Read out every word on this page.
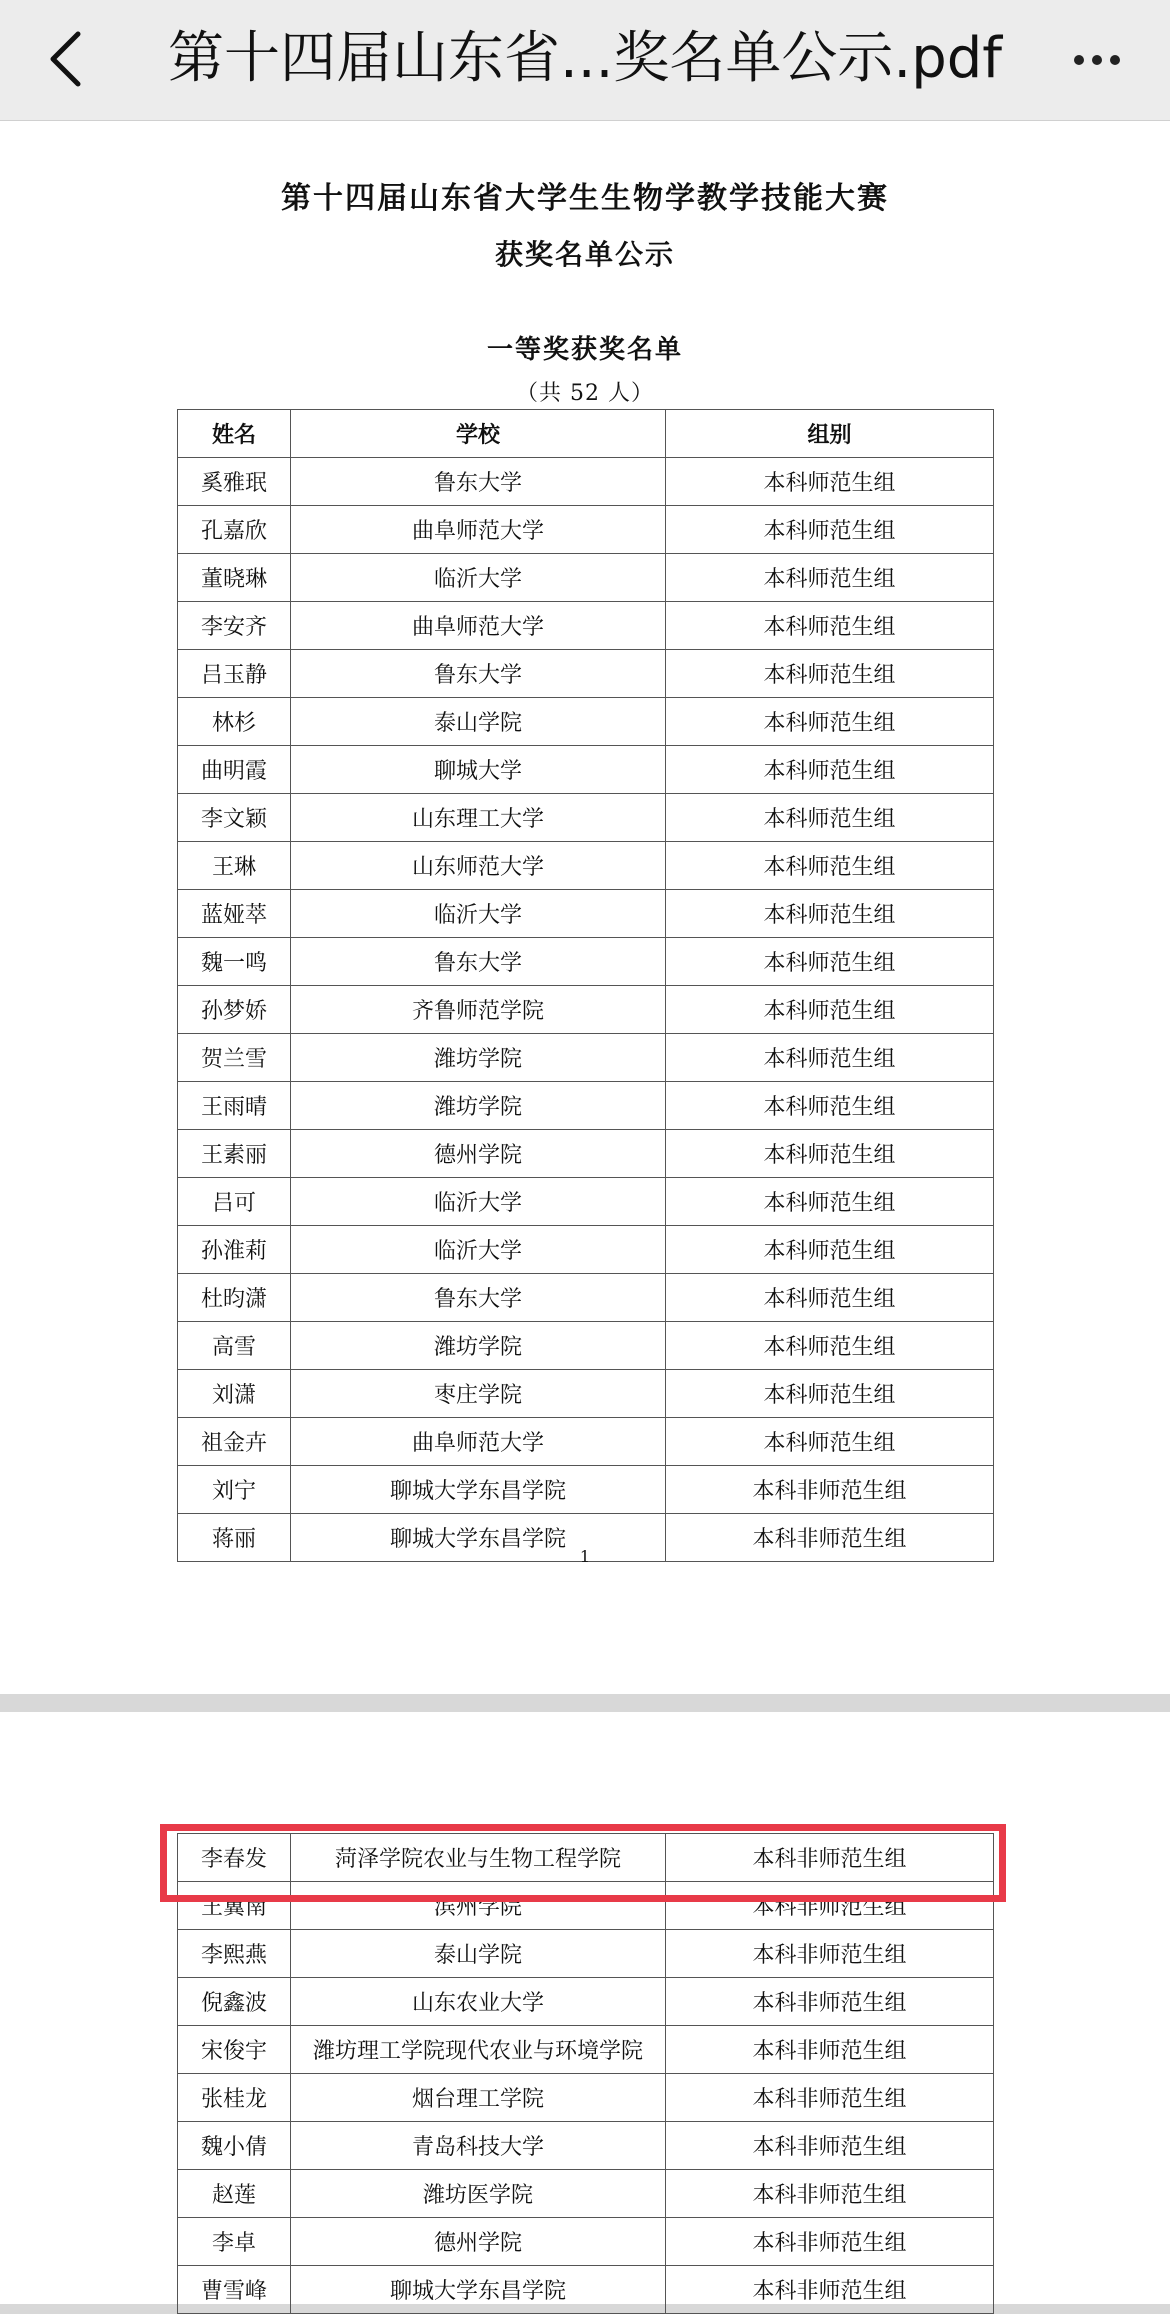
第十四届山东省...奖名单公示.pdf
第十四届山东省大学生生物学教学技能大赛
获奖名单公示
一等奖获奖名单
（共 52 人）
姓名	学校	组别
奚雅珉	鲁东大学	本科师范生组
孔嘉欣	曲阜师范大学	本科师范生组
董晓琳	临沂大学	本科师范生组
李安齐	曲阜师范大学	本科师范生组
吕玉静	鲁东大学	本科师范生组
林杉	泰山学院	本科师范生组
曲明霞	聊城大学	本科师范生组
李文颖	山东理工大学	本科师范生组
王琳	山东师范大学	本科师范生组
蓝娅萃	临沂大学	本科师范生组
魏一鸣	鲁东大学	本科师范生组
孙梦娇	齐鲁师范学院	本科师范生组
贺兰雪	潍坊学院	本科师范生组
王雨晴	潍坊学院	本科师范生组
王素丽	德州学院	本科师范生组
吕可	临沂大学	本科师范生组
孙淮莉	临沂大学	本科师范生组
杜昀潇	鲁东大学	本科师范生组
高雪	潍坊学院	本科师范生组
刘潇	枣庄学院	本科师范生组
祖金卉	曲阜师范大学	本科师范生组
刘宁	聊城大学东昌学院	本科非师范生组
蒋丽	聊城大学东昌学院	本科非师范生组
1
李春发	菏泽学院农业与生物工程学院	本科非师范生组
王冀南	滨州学院	本科非师范生组
李熙燕	泰山学院	本科非师范生组
倪鑫波	山东农业大学	本科非师范生组
宋俊宇	潍坊理工学院现代农业与环境学院	本科非师范生组
张桂龙	烟台理工学院	本科非师范生组
魏小倩	青岛科技大学	本科非师范生组
赵莲	潍坊医学院	本科非师范生组
李卓	德州学院	本科非师范生组
曹雪峰	聊城大学东昌学院	本科非师范生组
